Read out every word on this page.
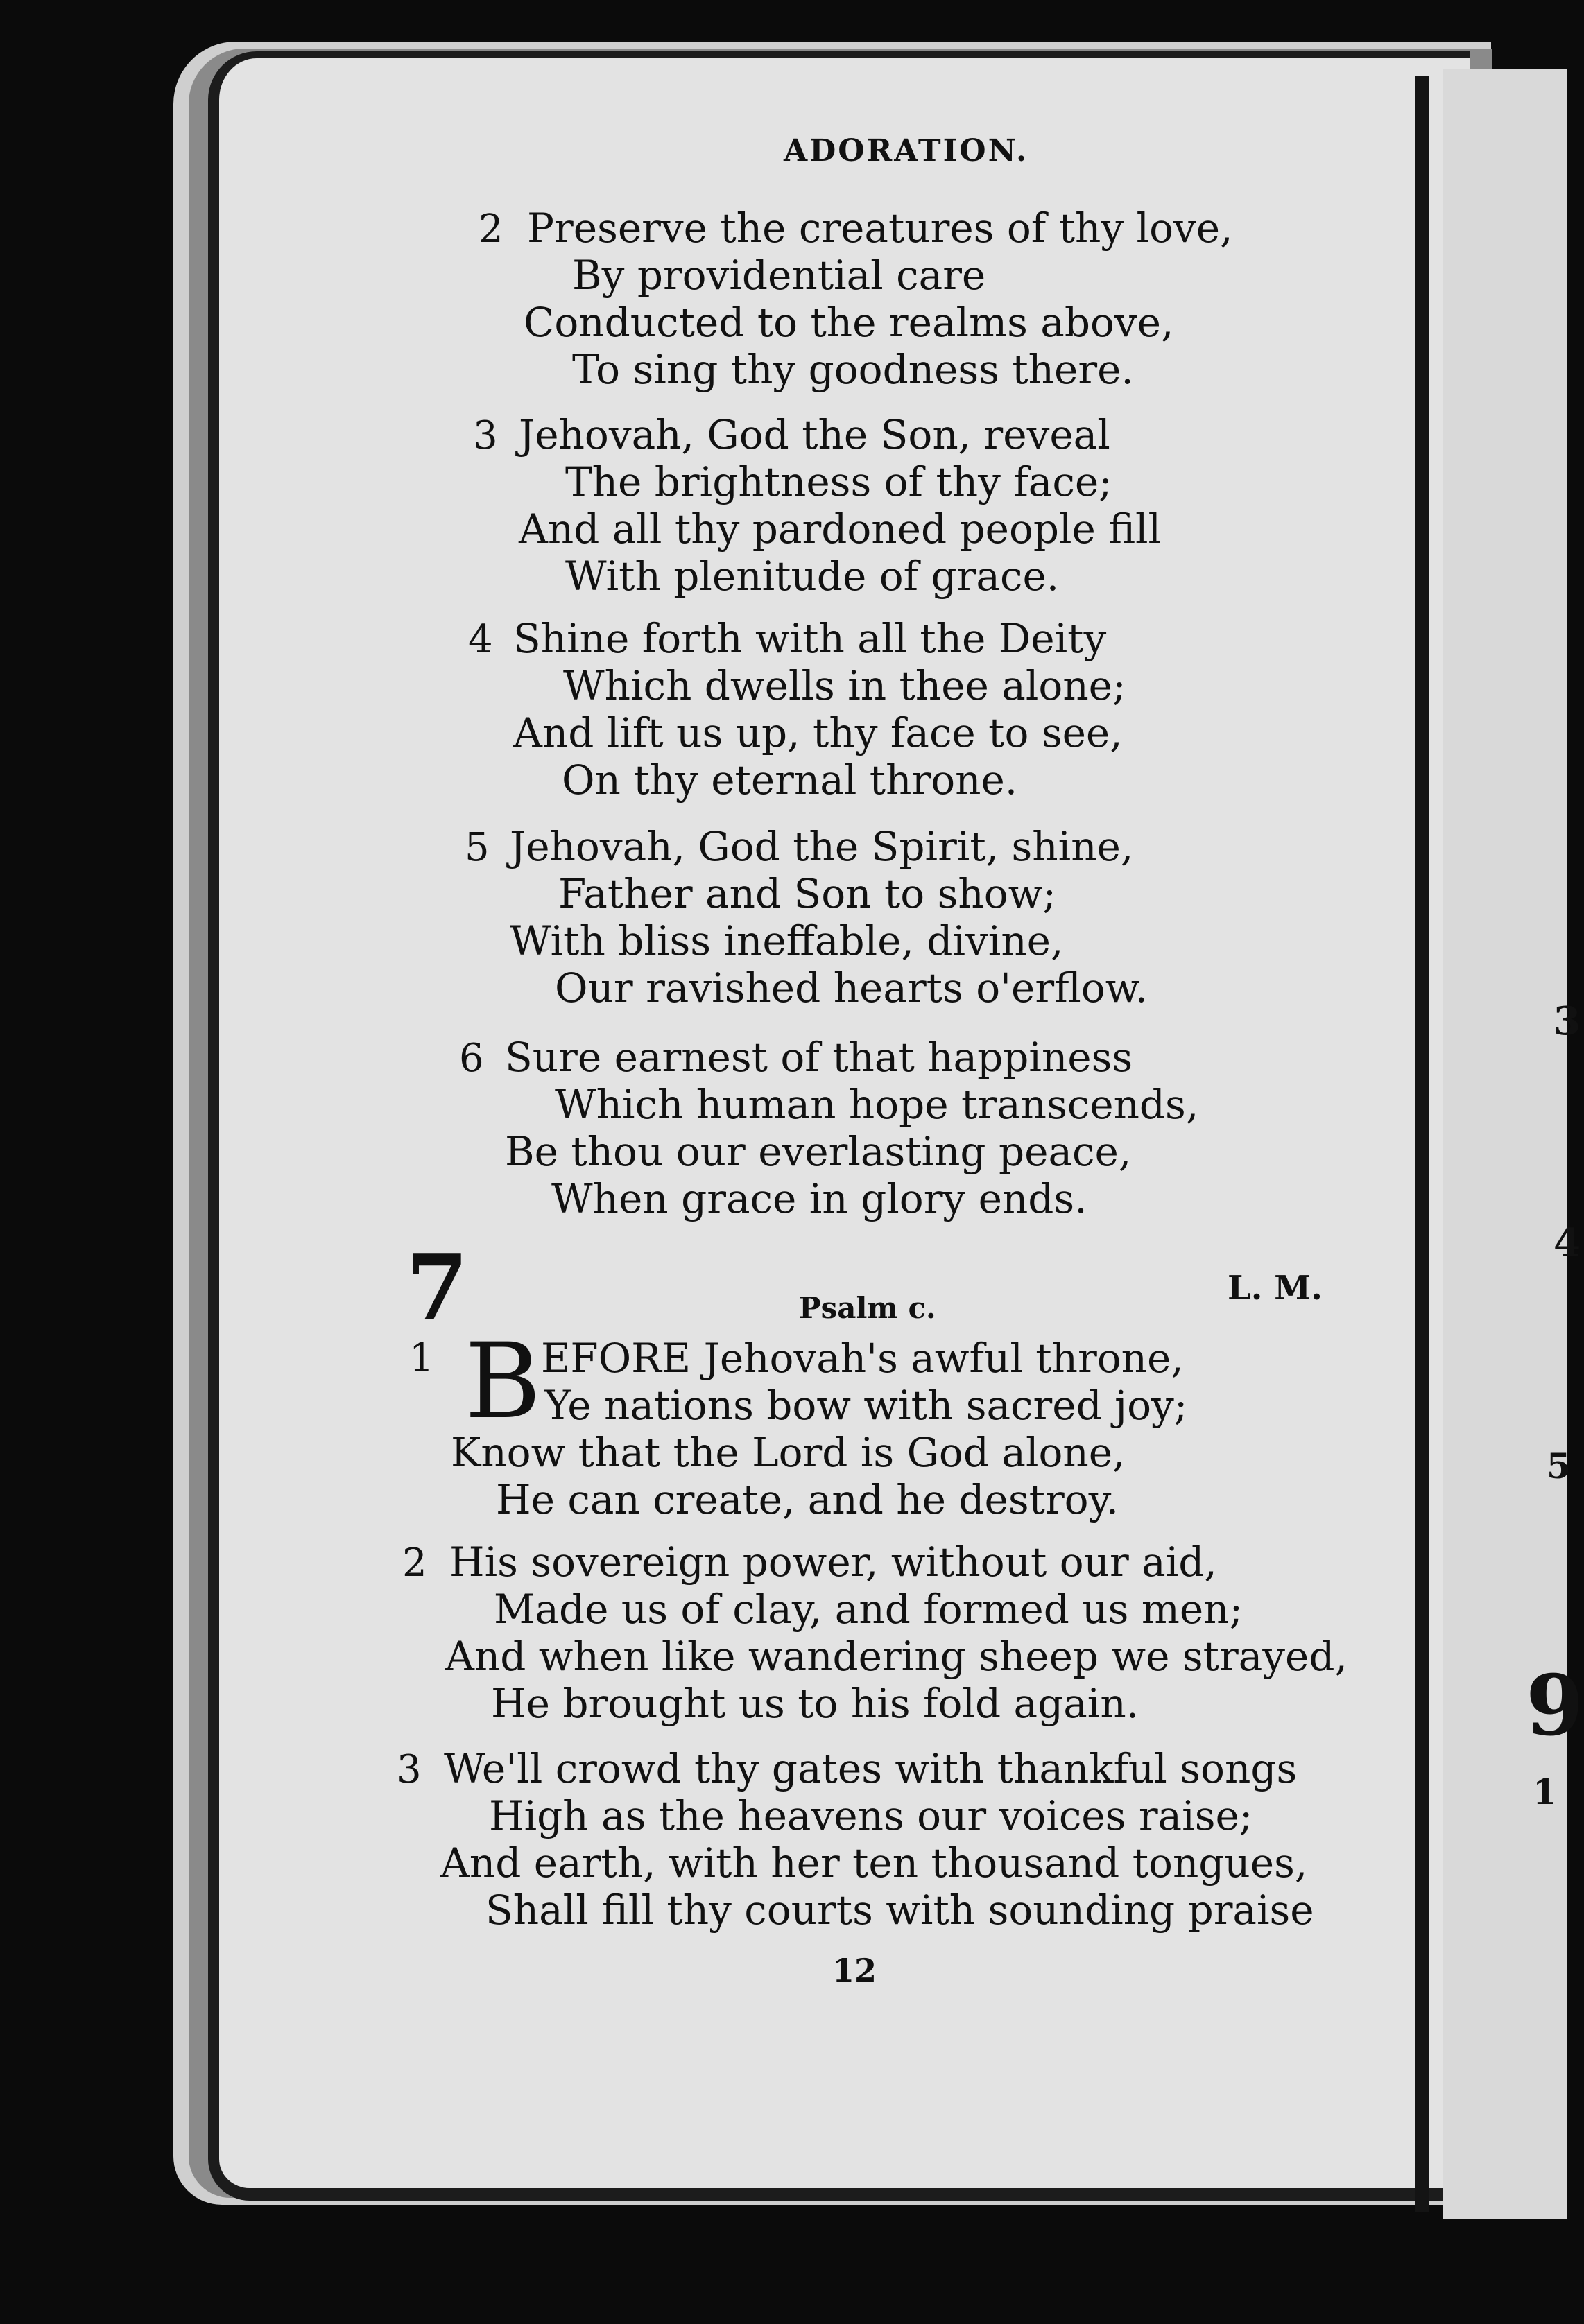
3
4
5
9
1
ADORATION.
2 Preserve the creatures of thy love,
By providential care
Conducted to the realms above,
To sing thy goodness there.
3 Jehovah, God the Son, reveal
The brightness of thy face;
And all thy pardoned people fill
With plenitude of grace.
4 Shine forth with all the Deity
Which dwells in thee alone;
And lift us up, thy face to see,
On thy eternal throne.
5 Jehovah, God the Spirit, shine,
Father and Son to show;
With bliss ineffable, divine,
Our ravished hearts o'erflow.
6 Sure earnest of that happiness
Which human hope transcends,
Be thou our everlasting peace,
When grace in glory ends.
7	L. M.
Psalm c.
1 B EFORE Jehovah's awful throne,
Ye nations bow with sacred joy;
Know that the Lord is God alone,
He can create, and he destroy.
2 His sovereign power, without our aid,
Made us of clay, and formed us men;
And when like wandering sheep we strayed,
He brought us to his fold again.
3 We'll crowd thy gates with thankful songs
High as the heavens our voices raise;
And earth, with her ten thousand tongues,
Shall fill thy courts with sounding praise
12
